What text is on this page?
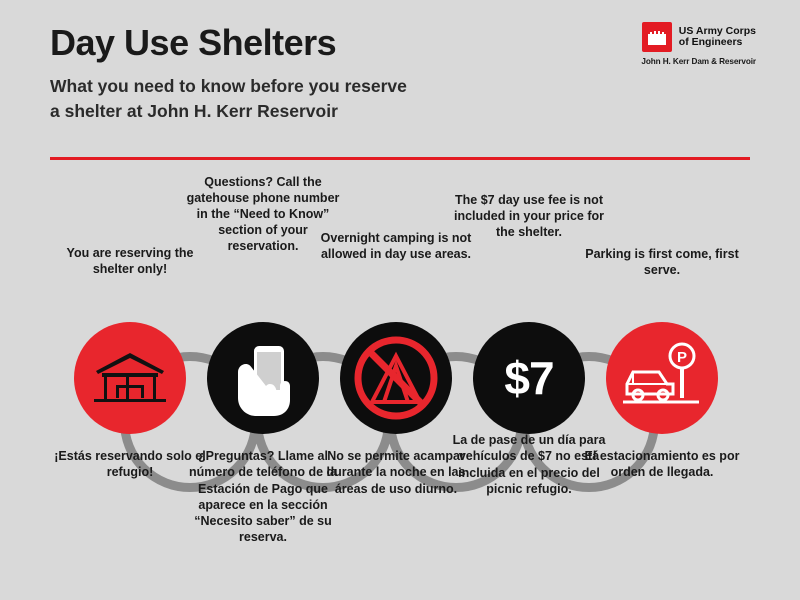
Day Use Shelters

What you need to know before you reserve
a shelter at John H. Kerr Reservoir

US Army Corps
of Engineers
John H. Kerr Dam & Reservoir
You are reserving the shelter only!
¡Estás reservando solo el refugio!
Questions? Call the gatehouse phone number in the “Need to Know” section of your reservation.
¿Preguntas? Llame al número de teléfono de la Estación de Pago que aparece en la sección “Necesito saber” de su reserva.
Overnight camping is not allowed in day use areas.
No se permite acampar durante la noche en las áreas de uso diurno.
The $7 day use fee is not included in your price for the shelter.
$7
La de pase de un día para vehículos de $7 no está incluida en el precio del picnic refugio.
Parking is first come, first serve.
P
El estacionamiento es por orden de llegada.
